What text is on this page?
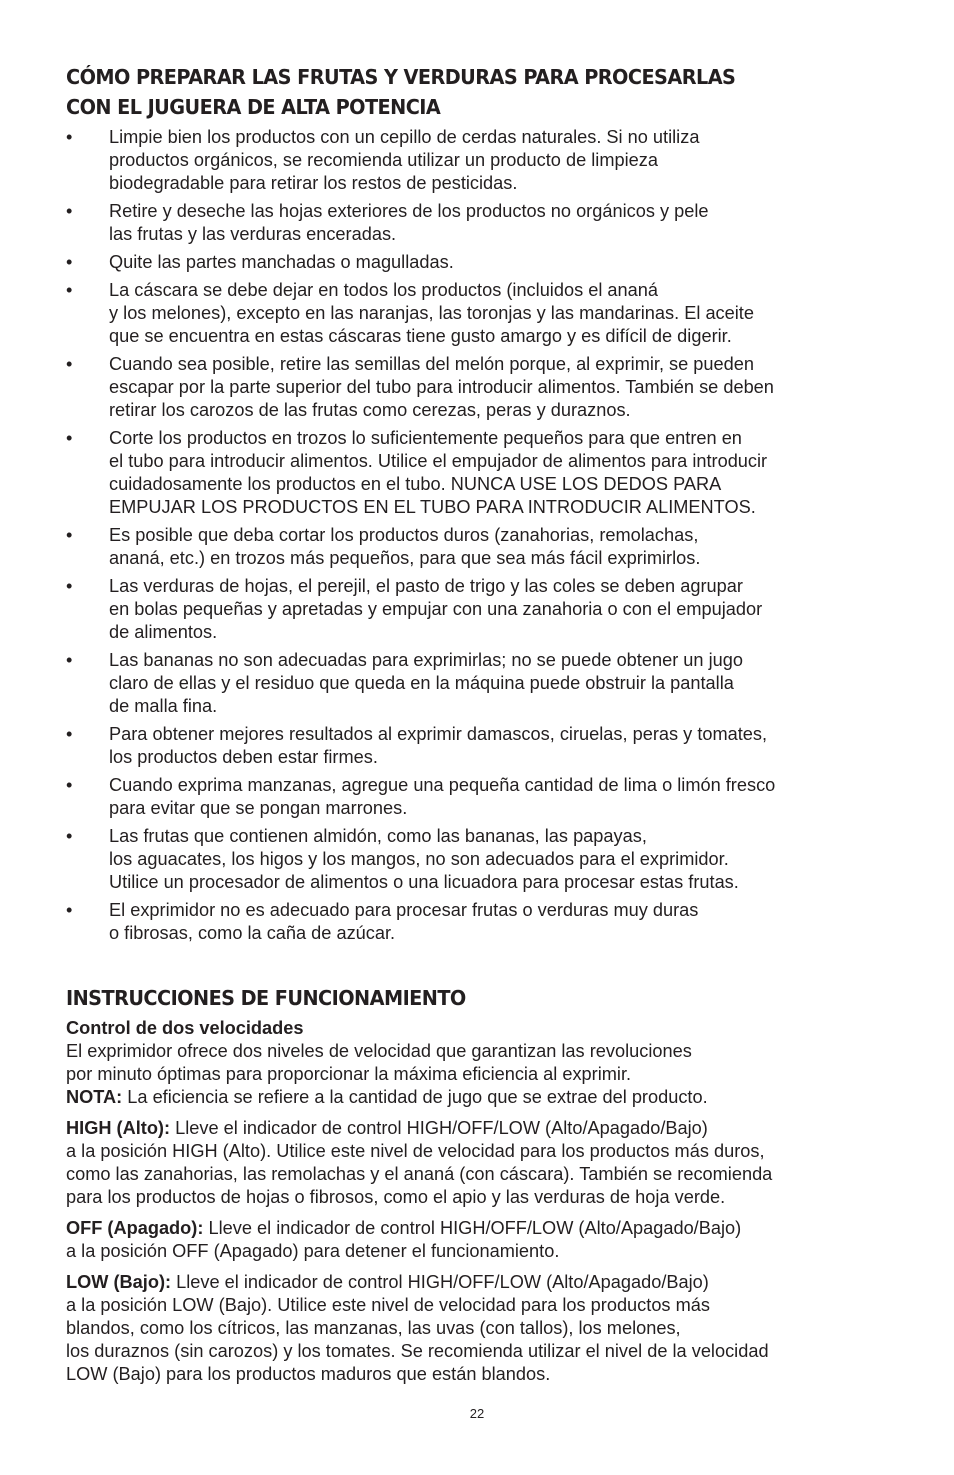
CÓMO PREPARAR LAS FRUTAS Y VERDURAS PARA PROCESARLAS
CON EL JUGUERA DE ALTA POTENCIA
• Limpie bien los productos con un cepillo de cerdas naturales. Si no utiliza
productos orgánicos, se recomienda utilizar un producto de limpieza
biodegradable para retirar los restos de pesticidas.
• Retire y deseche las hojas exteriores de los productos no orgánicos y pele
las frutas y las verduras enceradas.
• Quite las partes manchadas o magulladas.
• La cáscara se debe dejar en todos los productos (incluidos el ananá
y los melones), excepto en las naranjas, las toronjas y las mandarinas. El aceite
que se encuentra en estas cáscaras tiene gusto amargo y es difícil de digerir.
• Cuando sea posible, retire las semillas del melón porque, al exprimir, se pueden
escapar por la parte superior del tubo para introducir alimentos. También se deben
retirar los carozos de las frutas como cerezas, peras y duraznos.
• Corte los productos en trozos lo suficientemente pequeños para que entren en
el tubo para introducir alimentos. Utilice el empujador de alimentos para introducir
cuidadosamente los productos en el tubo. NUNCA USE LOS DEDOS PARA
EMPUJAR LOS PRODUCTOS EN EL TUBO PARA INTRODUCIR ALIMENTOS.
• Es posible que deba cortar los productos duros (zanahorias, remolachas,
ananá, etc.) en trozos más pequeños, para que sea más fácil exprimirlos.
• Las verduras de hojas, el perejil, el pasto de trigo y las coles se deben agrupar
en bolas pequeñas y apretadas y empujar con una zanahoria o con el empujador
de alimentos.
• Las bananas no son adecuadas para exprimirlas; no se puede obtener un jugo
claro de ellas y el residuo que queda en la máquina puede obstruir la pantalla
de malla fina.
• Para obtener mejores resultados al exprimir damascos, ciruelas, peras y tomates,
los productos deben estar firmes.
• Cuando exprima manzanas, agregue una pequeña cantidad de lima o limón fresco
para evitar que se pongan marrones.
• Las frutas que contienen almidón, como las bananas, las papayas,
los aguacates, los higos y los mangos, no son adecuados para el exprimidor.
Utilice un procesador de alimentos o una licuadora para procesar estas frutas.
• El exprimidor no es adecuado para procesar frutas o verduras muy duras
o fibrosas, como la caña de azúcar.
INSTRUCCIONES DE FUNCIONAMIENTO
Control de dos velocidades
El exprimidor ofrece dos niveles de velocidad que garantizan las revoluciones
por minuto óptimas para proporcionar la máxima eficiencia al exprimir.
NOTA: La eficiencia se refiere a la cantidad de jugo que se extrae del producto.
HIGH (Alto): Lleve el indicador de control HIGH/OFF/LOW (Alto/Apagado/Bajo)
a la posición HIGH (Alto). Utilice este nivel de velocidad para los productos más duros,
como las zanahorias, las remolachas y el ananá (con cáscara). También se recomienda
para los productos de hojas o fibrosos, como el apio y las verduras de hoja verde.
OFF (Apagado): Lleve el indicador de control HIGH/OFF/LOW (Alto/Apagado/Bajo)
a la posición OFF (Apagado) para detener el funcionamiento.
LOW (Bajo): Lleve el indicador de control HIGH/OFF/LOW (Alto/Apagado/Bajo)
a la posición LOW (Bajo). Utilice este nivel de velocidad para los productos más
blandos, como los cítricos, las manzanas, las uvas (con tallos), los melones,
los duraznos (sin carozos) y los tomates. Se recomienda utilizar el nivel de la velocidad
LOW (Bajo) para los productos maduros que están blandos.
22
